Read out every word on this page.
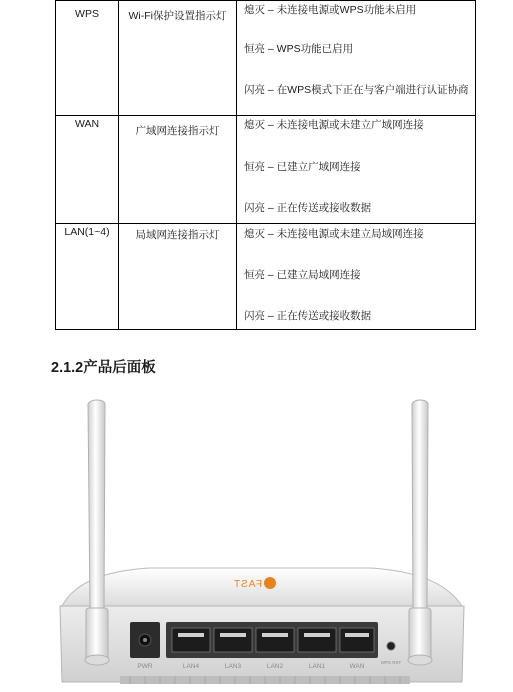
WPS	Wi-Fi保护设置指示灯	熄灭 – 未连接电源或WPS功能未启用
恒亮 – WPS功能已启用
闪亮 – 在WPS模式下正在与客户端进行认证协商

WAN	广域网连接指示灯	熄灭 – 未连接电源或未建立广域网连接
恒亮 – 已建立广域网连接
闪亮 – 正在传送或接收数据

LAN(1~4)	局域网连接指示灯	熄灭 – 未连接电源或未建立局域网连接
恒亮 – 已建立局域网连接
闪亮 – 正在传送或接收数据
2.1.2产品后面板
FAST
PWR	LAN4	LAN3	LAN2	LAN1	WAN
WPS RST
